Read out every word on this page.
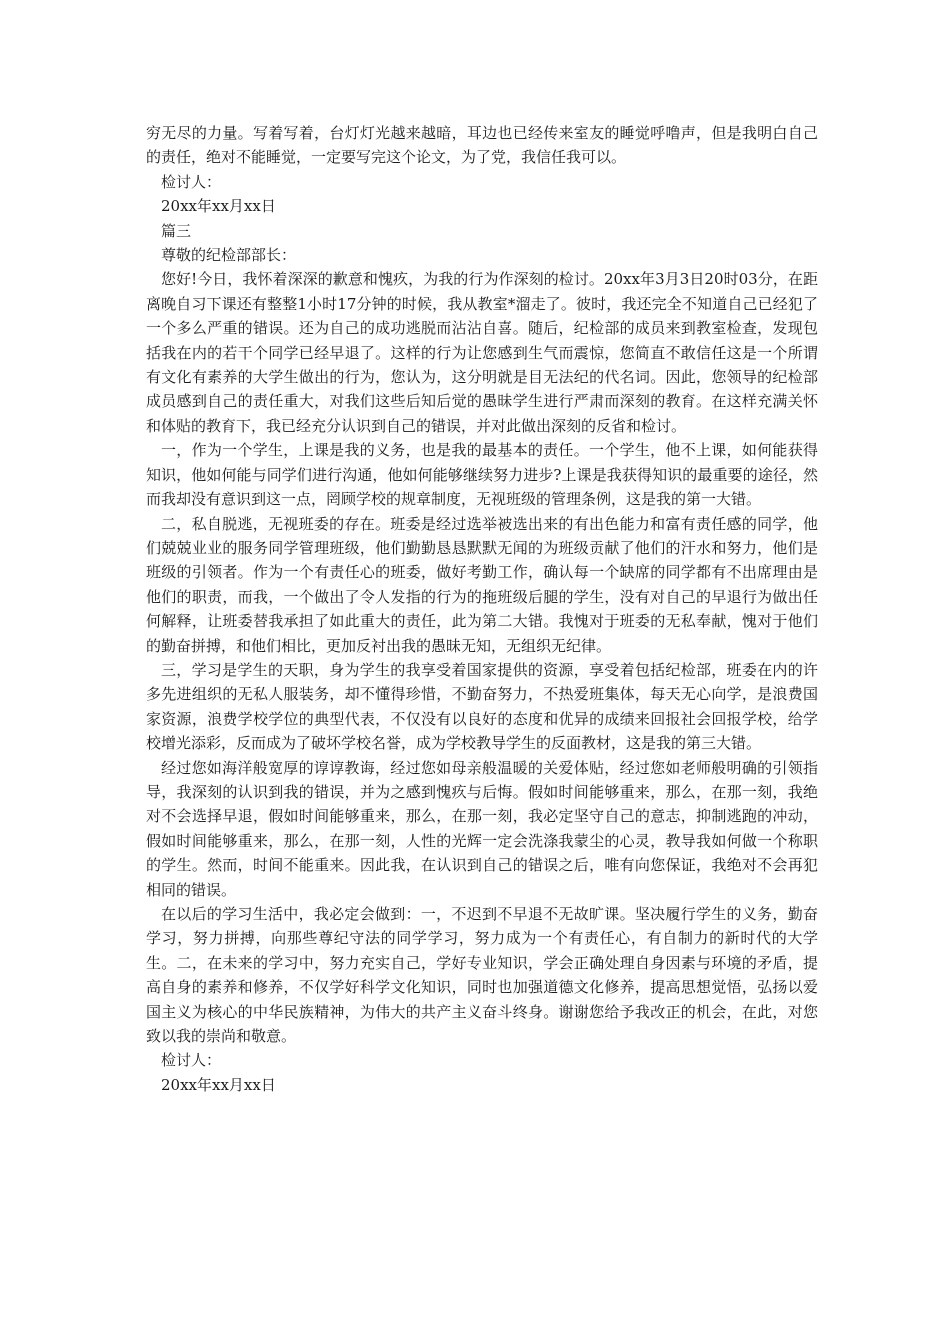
穷无尽的力量。写着写着，台灯灯光越来越暗，耳边也已经传来室友的睡觉呼噜声，但是我明白自己的责任，绝对不能睡觉，一定要写完这个论文，为了党，我信任我可以。

检讨人：

20xx年xx月xx日

篇三

尊敬的纪检部部长：

您好!今日，我怀着深深的歉意和愧疚，为我的行为作深刻的检讨。20xx年3月3日20时03分，在距离晚自习下课还有整整1小时17分钟的时候，我从教室*溜走了。彼时，我还完全不知道自己已经犯了一个多么严重的错误。还为自己的成功逃脱而沾沾自喜。随后，纪检部的成员来到教室检查，发现包括我在内的若干个同学已经早退了。这样的行为让您感到生气而震惊，您简直不敢信任这是一个所谓有文化有素养的大学生做出的行为，您认为，这分明就是目无法纪的代名词。因此，您领导的纪检部成员感到自己的责任重大，对我们这些后知后觉的愚昧学生进行严肃而深刻的教育。在这样充满关怀和体贴的教育下，我已经充分认识到自己的错误，并对此做出深刻的反省和检讨。

一，作为一个学生，上课是我的义务，也是我的最基本的责任。一个学生，他不上课，如何能获得知识，他如何能与同学们进行沟通，他如何能够继续努力进步?上课是我获得知识的最重要的途径，然而我却没有意识到这一点，罔顾学校的规章制度，无视班级的管理条例，这是我的第一大错。

二，私自脱逃，无视班委的存在。班委是经过选举被选出来的有出色能力和富有责任感的同学，他们兢兢业业的服务同学管理班级，他们勤勤恳恳默默无闻的为班级贡献了他们的汗水和努力，他们是班级的引领者。作为一个有责任心的班委，做好考勤工作，确认每一个缺席的同学都有不出席理由是他们的职责，而我，一个做出了令人发指的行为的拖班级后腿的学生，没有对自己的早退行为做出任何解释，让班委替我承担了如此重大的责任，此为第二大错。我愧对于班委的无私奉献，愧对于他们的勤奋拼搏，和他们相比，更加反衬出我的愚昧无知，无组织无纪律。

三，学习是学生的天职，身为学生的我享受着国家提供的资源，享受着包括纪检部，班委在内的许多先进组织的无私人服装务，却不懂得珍惜，不勤奋努力，不热爱班集体，每天无心向学，是浪费国家资源，浪费学校学位的典型代表，不仅没有以良好的态度和优异的成绩来回报社会回报学校，给学校增光添彩，反而成为了破坏学校名誉，成为学校教导学生的反面教材，这是我的第三大错。

经过您如海洋般宽厚的谆谆教诲，经过您如母亲般温暖的关爱体贴，经过您如老师般明确的引领指导，我深刻的认识到我的错误，并为之感到愧疚与后悔。假如时间能够重来，那么，在那一刻，我绝对不会选择早退，假如时间能够重来，那么，在那一刻，我必定坚守自己的意志，抑制逃跑的冲动，假如时间能够重来，那么，在那一刻，人性的光辉一定会洗涤我蒙尘的心灵，教导我如何做一个称职的学生。然而，时间不能重来。因此我，在认识到自己的错误之后，唯有向您保证，我绝对不会再犯相同的错误。

在以后的学习生活中，我必定会做到：一，不迟到不早退不无故旷课。坚决履行学生的义务，勤奋学习，努力拼搏，向那些尊纪守法的同学学习，努力成为一个有责任心，有自制力的新时代的大学生。二，在未来的学习中，努力充实自己，学好专业知识，学会正确处理自身因素与环境的矛盾，提高自身的素养和修养，不仅学好科学文化知识，同时也加强道德文化修养，提高思想觉悟，弘扬以爱国主义为核心的中华民族精神，为伟大的共产主义奋斗终身。谢谢您给予我改正的机会，在此，对您致以我的崇尚和敬意。

检讨人：

20xx年xx月xx日
